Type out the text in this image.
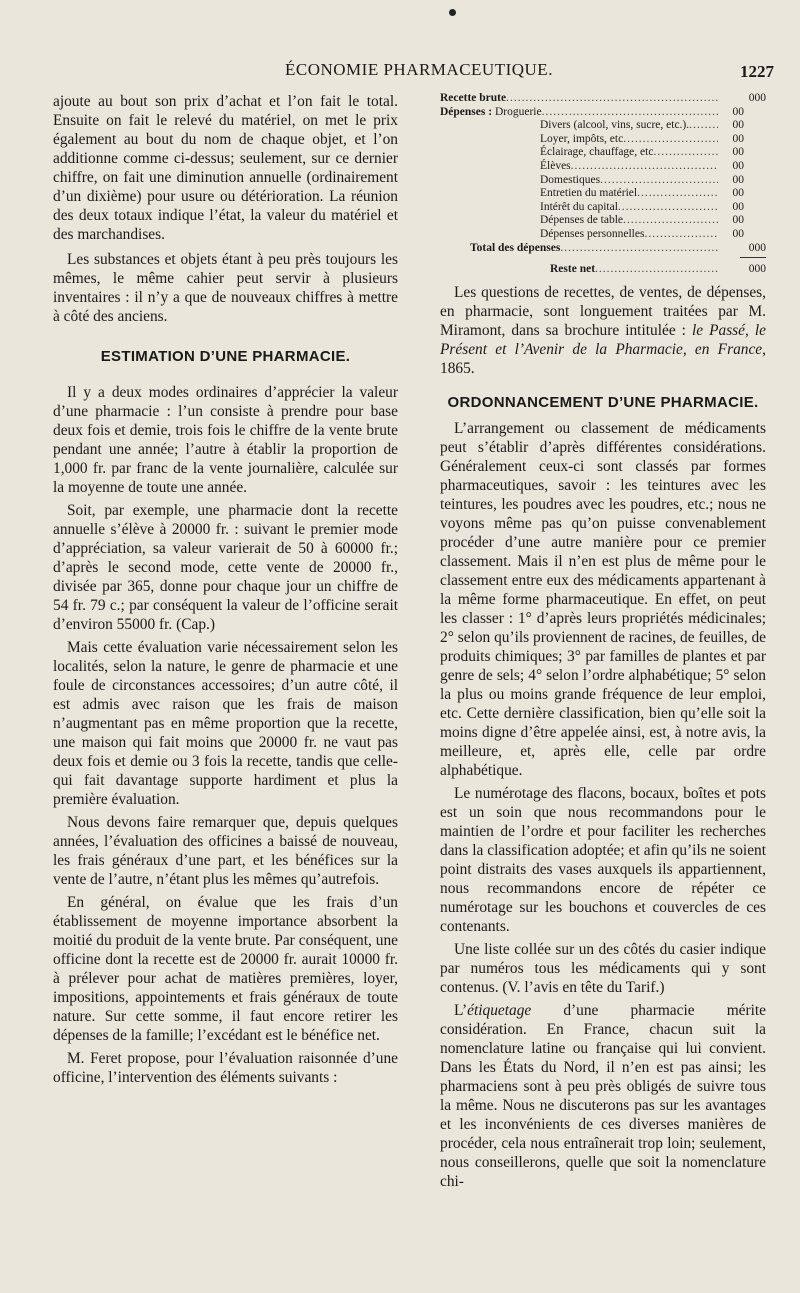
ÉCONOMIE PHARMACEUTIQUE.	1227

ajoute au bout son prix d’achat et l’on fait le total. Ensuite on fait le relevé du matériel, on met le prix également au bout du nom de chaque objet, et l’on additionne comme ci-dessus; seulement, sur ce dernier chiffre, on fait une diminution annuelle (ordinairement d’un dixième) pour usure ou détérioration. La réunion des deux totaux indique l’état, la valeur du matériel et des marchandises.

Les substances et objets étant à peu près toujours les mêmes, le même cahier peut servir à plusieurs inventaires : il n’y a que de nouveaux chiffres à mettre à côté des anciens.

ESTIMATION D’UNE PHARMACIE.

Il y a deux modes ordinaires d’apprécier la valeur d’une pharmacie : l’un consiste à prendre pour base deux fois et demie, trois fois le chiffre de la vente brute pendant une année; l’autre à établir la proportion de 1,000 fr. par franc de la vente journalière, calculée sur la moyenne de toute une année.

Soit, par exemple, une pharmacie dont la recette annuelle s’élève à 20000 fr. : suivant le premier mode d’appréciation, sa valeur varierait de 50 à 60000 fr.; d’après le second mode, cette vente de 20000 fr., divisée par 365, donne pour chaque jour un chiffre de 54 fr. 79 c.; par conséquent la valeur de l’officine serait d’environ 55000 fr. (Cap.)

Mais cette évaluation varie nécessairement selon les localités, selon la nature, le genre de pharmacie et une foule de circonstances accessoires; d’un autre côté, il est admis avec raison que les frais de maison n’augmentant pas en même proportion que la recette, une maison qui fait moins que 20000 fr. ne vaut pas deux fois et demie ou 3 fois la recette, tandis que celle-qui fait davantage supporte hardiment et plus la première évaluation.

Nous devons faire remarquer que, depuis quelques années, l’évaluation des officines a baissé de nouveau, les frais généraux d’une part, et les bénéfices sur la vente de l’autre, n’étant plus les mêmes qu’autrefois.

En général, on évalue que les frais d’un établissement de moyenne importance absorbent la moitié du produit de la vente brute. Par conséquent, une officine dont la recette est de 20000 fr. aurait 10000 fr. à prélever pour achat de matières premières, loyer, impositions, appointements et frais généraux de toute nature. Sur cette somme, il faut encore retirer les dépenses de la famille; l’excédant est le bénéfice net.

M. Feret propose, pour l’évaluation raisonnée d’une officine, l’intervention des éléments suivants :

Recette brute .....	000
Dépenses :
Droguerie .....	00
Divers (alcool, vins, sucre, etc.). .....	00
Loyer, impôts, etc .....	00
Éclairage, chauffage, etc .....	00
Élèves .....	00
Domestiques .....	00
Entretien du matériel .....	00
Intérêt du capital .....	00
Dépenses de table .....	00
Dépenses personnelles .....	00
Total des dépenses .....	000
Reste net .....	000

Les questions de recettes, de ventes, de dépenses, en pharmacie, sont longuement traitées par M. Miramont, dans sa brochure intitulée : le Passé, le Présent et l’Avenir de la Pharmacie, en France, 1865.

ORDONNANCEMENT D’UNE PHARMACIE.

L’arrangement ou classement de médicaments peut s’établir d’après différentes considérations. Généralement ceux-ci sont classés par formes pharmaceutiques, savoir : les teintures avec les teintures, les poudres avec les poudres, etc.; nous ne voyons même pas qu’on puisse convenablement procéder d’une autre manière pour ce premier classement. Mais il n’en est plus de même pour le classement entre eux des médicaments appartenant à la même forme pharmaceutique. En effet, on peut les classer : 1° d’après leurs propriétés médicinales; 2° selon qu’ils proviennent de racines, de feuilles, de produits chimiques; 3° par familles de plantes et par genre de sels; 4° selon l’ordre alphabétique; 5° selon la plus ou moins grande fréquence de leur emploi, etc. Cette dernière classification, bien qu’elle soit la moins digne d’être appelée ainsi, est, à notre avis, la meilleure, et, après elle, celle par ordre alphabétique.

Le numérotage des flacons, bocaux, boîtes et pots est un soin que nous recommandons pour le maintien de l’ordre et pour faciliter les recherches dans la classification adoptée; et afin qu’ils ne soient point distraits des vases auxquels ils appartiennent, nous recommandons encore de répéter ce numérotage sur les bouchons et couvercles de ces contenants.

Une liste collée sur un des côtés du casier indique par numéros tous les médicaments qui y sont contenus. (V. l’avis en tête du Tarif.)

L’étiquetage d’une pharmacie mérite considération. En France, chacun suit la nomenclature latine ou française qui lui convient. Dans les États du Nord, il n’en est pas ainsi; les pharmaciens sont à peu près obligés de suivre tous la même. Nous ne discuterons pas sur les avantages et les inconvénients de ces diverses manières de procéder, cela nous entraînerait trop loin; seulement, nous conseillerons, quelle que soit la nomenclature chi-
